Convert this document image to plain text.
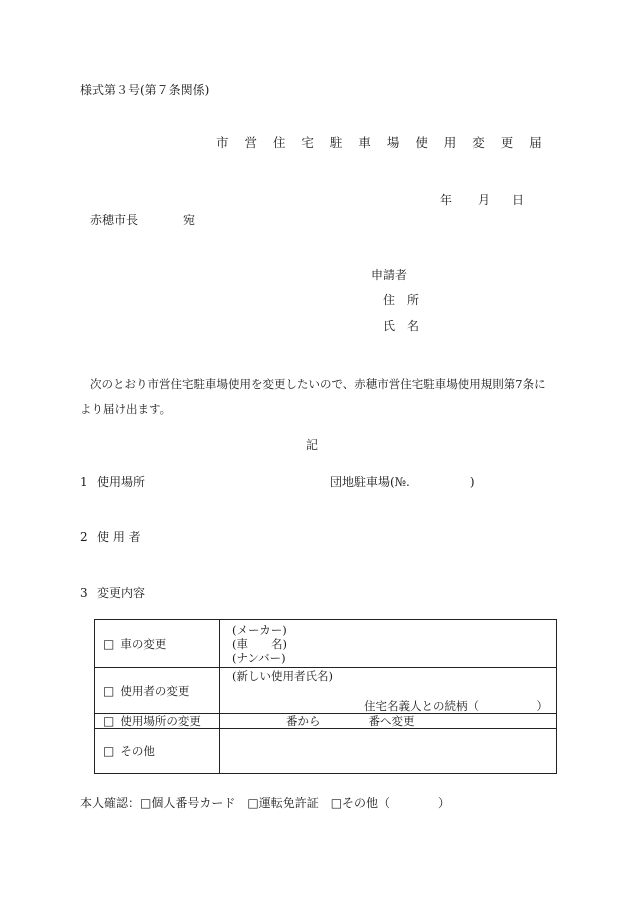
様式第３号(第７条関係)
市 営 住 宅 駐 車 場 使 用 変 更 届
年 月 日
赤穂市長	宛
申請者
住　所
氏　名
次のとおり市営住宅駐車場使用を変更したいので、赤穂市営住宅駐車場使用規則第7条に
より届け出ます。
記
1 使用場所	団地駐車場(№.　　　　　)
2 使 用 者
3 変更内容
□ 車の変更	(メーカー)
(車　　名)
(ナンバー)

□ 使用者の変更	(新しい使用者氏名)
住宅名義人との続柄（　　　　　）

□ 使用場所の変更	番から 番へ変更
□ その他	
本人確認：□個人番号カード □運転免許証 □その他（　　　　）
